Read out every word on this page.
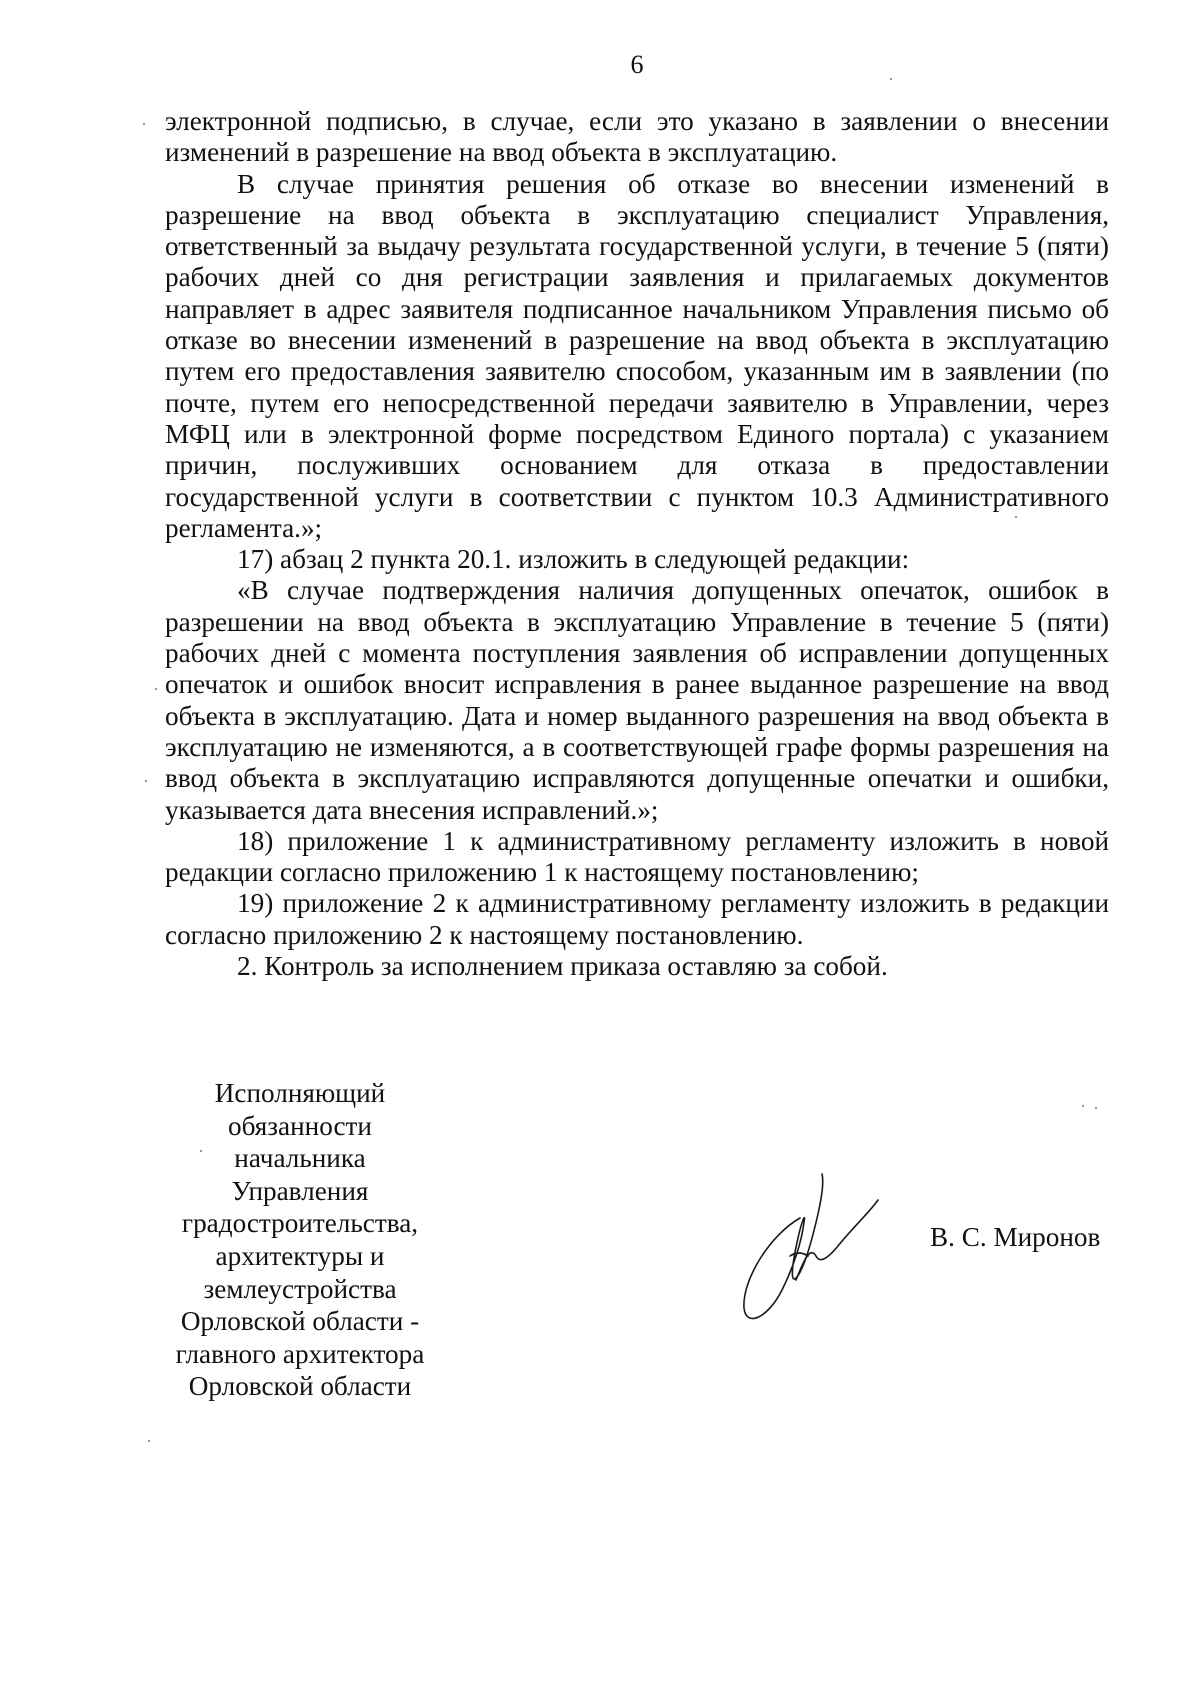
6

электронной подписью, в случае, если это указано в заявлении о внесении изменений в разрешение на ввод объекта в эксплуатацию.

В случае принятия решения об отказе во внесении изменений в разрешение на ввод объекта в эксплуатацию специалист Управления, ответственный за выдачу результата государственной услуги, в течение 5 (пяти) рабочих дней со дня регистрации заявления и прилагаемых документов направляет в адрес заявителя подписанное начальником Управления письмо об отказе во внесении изменений в разрешение на ввод объекта в эксплуатацию путем его предоставления заявителю способом, указанным им в заявлении (по почте, путем его непосредственной передачи заявителю в Управлении, через МФЦ или в электронной форме посредством Единого портала) с указанием причин, послуживших основанием для отказа в предоставлении государственной услуги в соответствии с пунктом 10.3 Административного регламента.»;

17) абзац 2 пункта 20.1. изложить в следующей редакции:

«В случае подтверждения наличия допущенных опечаток, ошибок в разрешении на ввод объекта в эксплуатацию Управление в течение 5 (пяти) рабочих дней с момента поступления заявления об исправлении допущенных опечаток и ошибок вносит исправления в ранее выданное разрешение на ввод объекта в эксплуатацию. Дата и номер выданного разрешения на ввод объекта в эксплуатацию не изменяются, а в соответствующей графе формы разрешения на ввод объекта в эксплуатацию исправляются допущенные опечатки и ошибки, указывается дата внесения исправлений.»;

18) приложение 1 к административному регламенту изложить в новой редакции согласно приложению 1 к настоящему постановлению;

19) приложение 2 к административному регламенту изложить в редакции согласно приложению 2 к настоящему постановлению.

2. Контроль за исполнением приказа оставляю за собой.

Исполняющий
обязанности
начальника
Управления
градостроительства,
архитектуры и
землеустройства
Орловской области -
главного архитектора
Орловской области
В. С. Миронов
